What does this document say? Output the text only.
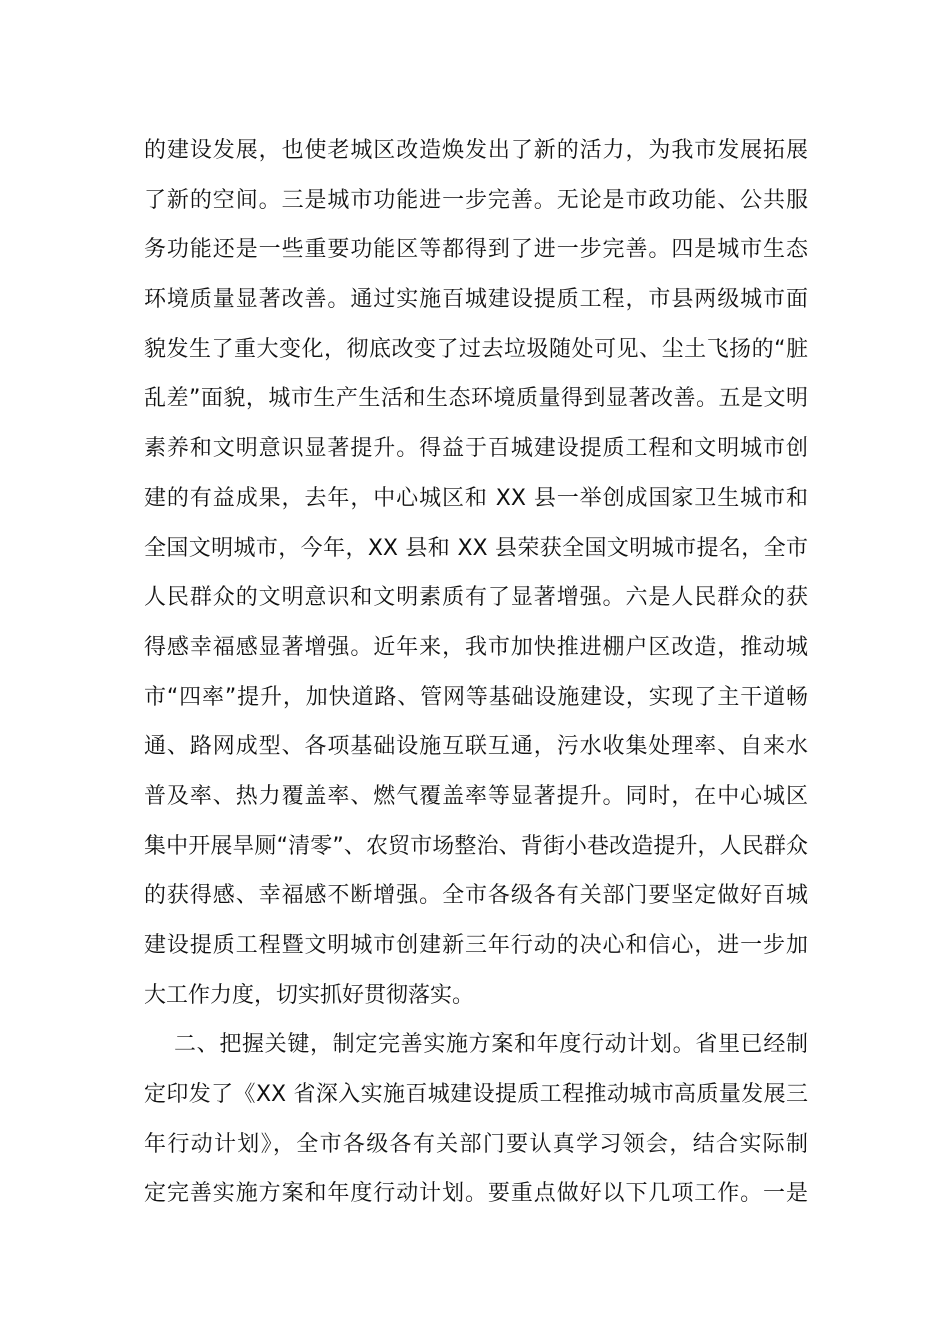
的建设发展，也使老城区改造焕发出了新的活力，为我市发展拓展
了新的空间。三是城市功能进一步完善。无论是市政功能、公共服
务功能还是一些重要功能区等都得到了进一步完善。四是城市生态
环境质量显著改善。通过实施百城建设提质工程，市县两级城市面
貌发生了重大变化，彻底改变了过去垃圾随处可见、尘土飞扬的“脏
乱差”面貌，城市生产生活和生态环境质量得到显著改善。五是文明
素养和文明意识显著提升。得益于百城建设提质工程和文明城市创
建的有益成果，去年，中心城区和 XX 县一举创成国家卫生城市和
全国文明城市，今年，XX 县和 XX 县荣获全国文明城市提名，全市
人民群众的文明意识和文明素质有了显著增强。六是人民群众的获
得感幸福感显著增强。近年来，我市加快推进棚户区改造，推动城
市“四率”提升，加快道路、管网等基础设施建设，实现了主干道畅
通、路网成型、各项基础设施互联互通，污水收集处理率、自来水
普及率、热力覆盖率、燃气覆盖率等显著提升。同时，在中心城区
集中开展旱厕“清零”、农贸市场整治、背街小巷改造提升，人民群众
的获得感、幸福感不断增强。全市各级各有关部门要坚定做好百城
建设提质工程暨文明城市创建新三年行动的决心和信心，进一步加
大工作力度，切实抓好贯彻落实。
二、把握关键，制定完善实施方案和年度行动计划。省里已经制
定印发了《XX 省深入实施百城建设提质工程推动城市高质量发展三
年行动计划》，全市各级各有关部门要认真学习领会，结合实际制
定完善实施方案和年度行动计划。要重点做好以下几项工作。一是
